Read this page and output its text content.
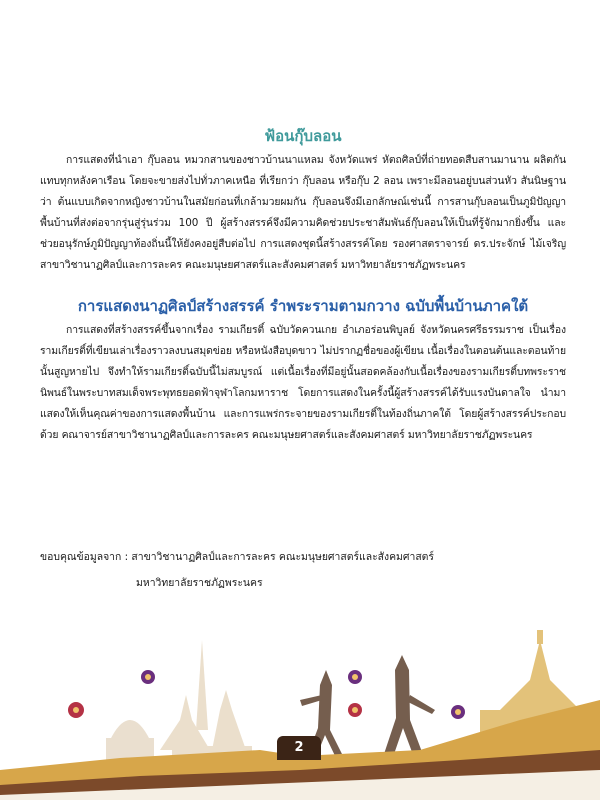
ฟ้อนกุ๊บลอน

การแสดงที่นำเอา กุ๊บลอน หมวกสานของชาวบ้านนาแหลม จังหวัดแพร่ หัตถศิลป์ที่ถ่ายทอดสืบสานมานาน ผลิตกันแทบทุกหลังคาเรือน โดยจะขายส่งไปทั่วภาคเหนือ ที่เรียกว่า กุ๊บลอน หรือกุ๊บ 2 ลอน เพราะมีลอนอยู่บนส่วนหัว สันนิษฐานว่า ต้นแบบเกิดจากหญิงชาวบ้านในสมัยก่อนที่เกล้ามวยผมกัน กุ๊บลอนจึงมีเอกลักษณ์เช่นนี้ การสานกุ๊บลอนเป็นภูมิปัญญาพื้นบ้านที่ส่งต่อจากรุ่นสู่รุ่นร่วม 100 ปี ผู้สร้างสรรค์จึงมีความคิดช่วยประชาสัมพันธ์กุ๊บลอนให้เป็นที่รู้จักมากยิ่งขึ้น และช่วยอนุรักษ์ภูมิปัญญาท้องถิ่นนี้ให้ยังคงอยู่สืบต่อไป การแสดงชุดนี้สร้างสรรค์โดย รองศาสตราจารย์ ดร.ประจักษ์ ไม้เจริญ สาขาวิชานาฏศิลป์และการละคร คณะมนุษยศาสตร์และสังคมศาสตร์ มหาวิทยาลัยราชภัฏพระนคร

การแสดงนาฏศิลป์สร้างสรรค์ รำพระรามตามกวาง ฉบับพื้นบ้านภาคใต้

การแสดงที่สร้างสรรค์ขึ้นจากเรื่อง รามเกียรติ์ ฉบับวัดควนเกย อำเภอร่อนพิบูลย์ จังหวัดนครศรีธรรมราช เป็นเรื่องรามเกียรติ์ที่เขียนเล่าเรื่องราวลงบนสมุดข่อย หรือหนังสือบุดขาว ไม่ปรากฏชื่อของผู้เขียน เนื้อเรื่องในตอนต้นและตอนท้ายนั้นสูญหายไป จึงทำให้รามเกียรติ์ฉบับนี้ไม่สมบูรณ์ แต่เนื้อเรื่องที่มีอยู่นั้นสอดคล้องกับเนื้อเรื่องของรามเกียรติ์บทพระราชนิพนธ์ในพระบาทสมเด็จพระพุทธยอดฟ้าจุฬาโลกมหาราช โดยการแสดงในครั้งนี้ผู้สร้างสรรค์ได้รับแรงบันดาลใจ นำมาแสดงให้เห็นคุณค่าของการแสดงพื้นบ้าน และการแพร่กระจายของรามเกียรติ์ในท้องถิ่นภาคใต้ โดยผู้สร้างสรรค์ประกอบด้วย คณาจารย์สาขาวิชานาฏศิลป์และการละคร คณะมนุษยศาสตร์และสังคมศาสตร์ มหาวิทยาลัยราชภัฏพระนคร

ขอบคุณข้อมูลจาก :
สาขาวิชานาฏศิลป์และการละคร คณะมนุษยศาสตร์และสังคมศาสตร์
มหาวิทยาลัยราชภัฏพระนคร
2
